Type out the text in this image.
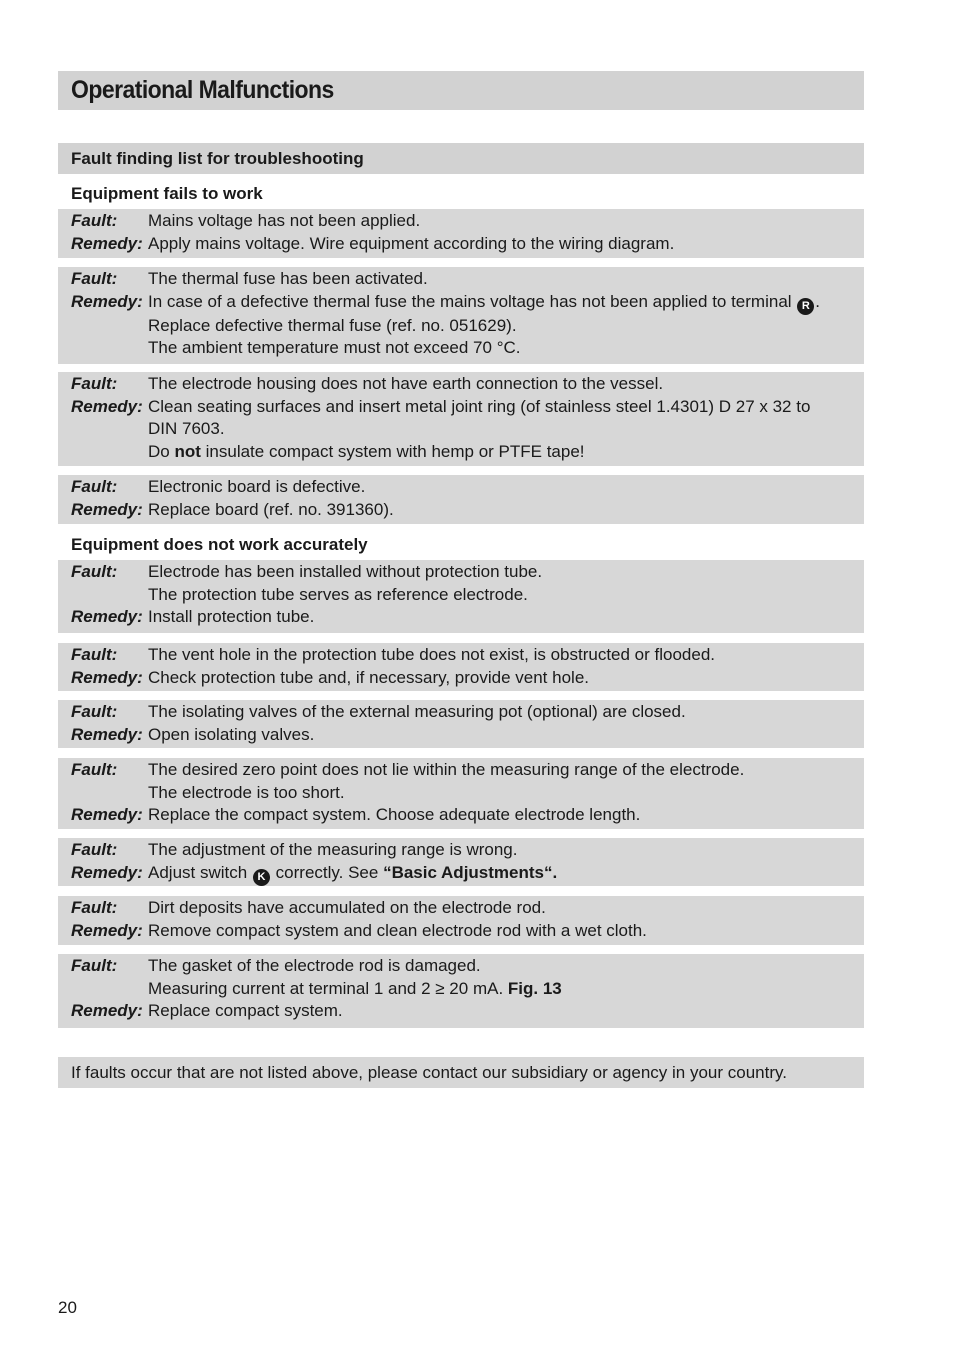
Operational Malfunctions
Fault finding list for troubleshooting
Equipment fails to work
Fault:	Mains voltage has not been applied.
Remedy: Apply mains voltage. Wire equipment according to the wiring diagram.
Fault:	The thermal fuse has been activated.
Remedy: In case of a defective thermal fuse the mains voltage has not been applied to terminal R .
Replace defective thermal fuse (ref. no. 051629).
The ambient temperature must not exceed 70 °C.
Fault:	The electrode housing does not have earth connection to the vessel.
Remedy: Clean seating surfaces and insert metal joint ring (of stainless steel 1.4301) D 27 x 32 to
DIN 7603.
Do not insulate compact system with hemp or PTFE tape!
Fault:	Electronic board is defective.
Remedy: Replace board (ref. no. 391360).
Equipment does not work accurately
Fault:	Electrode has been installed without protection tube.
The protection tube serves as reference electrode.
Remedy: Install protection tube.
Fault:	The vent hole in the protection tube does not exist, is obstructed or flooded.
Remedy: Check protection tube and, if necessary, provide vent hole.
Fault:	The isolating valves of the external measuring pot (optional) are closed.
Remedy: Open isolating valves.
Fault:	The desired zero point does not lie within the measuring range of the electrode.
The electrode is too short.
Remedy: Replace the compact system. Choose adequate electrode length.
Fault:	The adjustment of the measuring range is wrong.
Remedy: Adjust switch K correctly. See “Basic Adjustments“.
Fault:	Dirt deposits have accumulated on the electrode rod.
Remedy: Remove compact system and clean electrode rod with a wet cloth.
Fault:	The gasket of the electrode rod is damaged.
Measuring current at terminal 1 and 2 ≥ 20 mA. Fig. 13
Remedy: Replace compact system.
If faults occur that are not listed above, please contact our subsidiary or agency in your country.
20
